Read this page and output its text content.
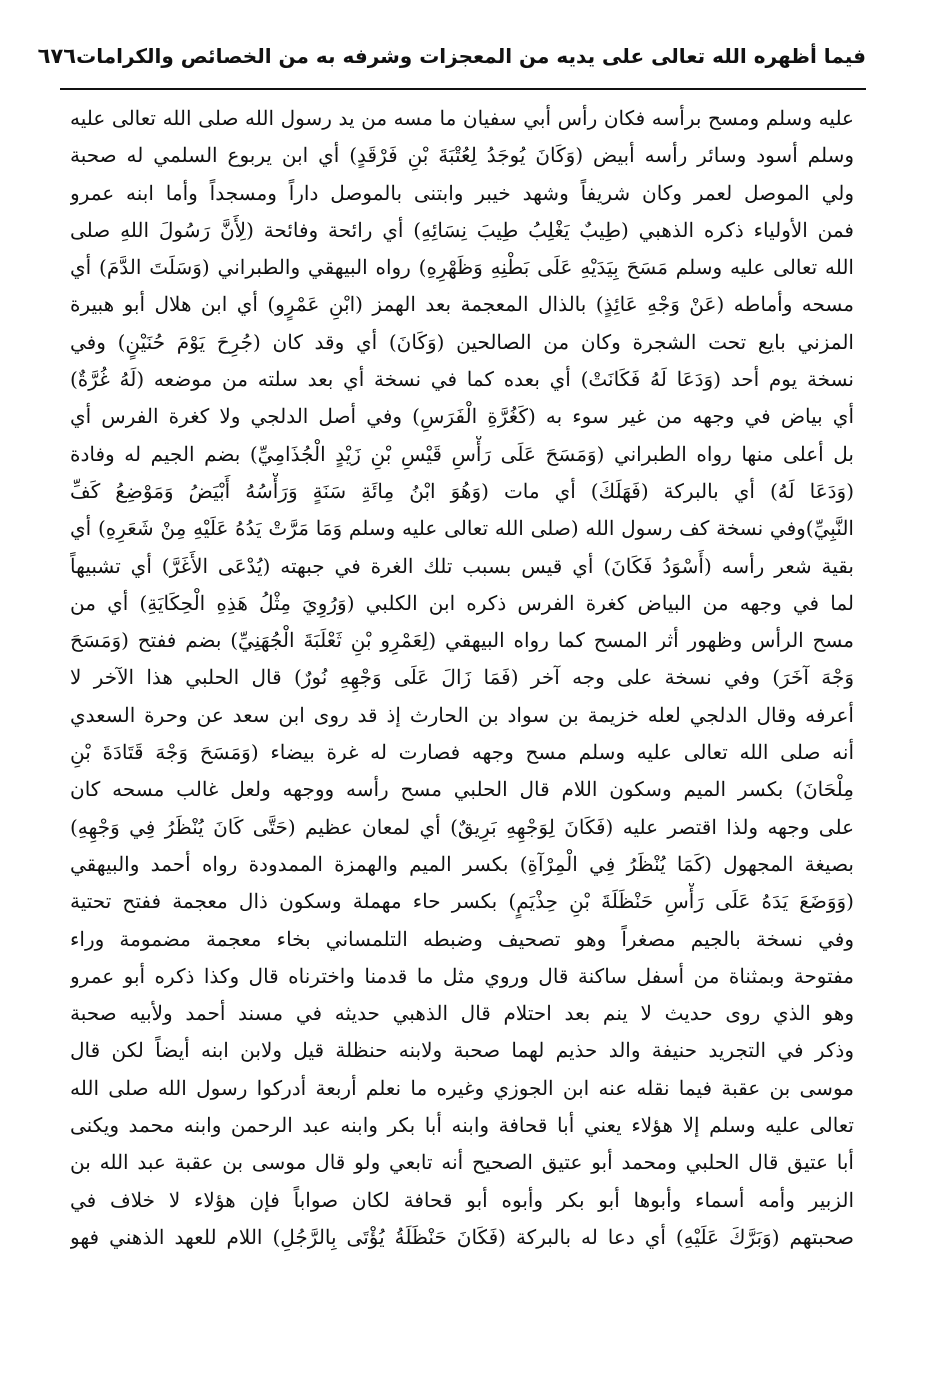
فيما أظهره الله تعالى على يديه من المعجزات وشرفه به من الخصائص والكرامات
٦٧٦
عليه وسلم ومسح برأسه فكان رأس أبي سفيان ما مسه من يد رسول الله صلى الله تعالى عليه
وسلم أسود وسائر رأسه أبيض (وَكَانَ يُوجَدُ لِعُتْبَةَ بْنِ فَرْقَدٍ) أي ابن يربوع السلمي له صحبة
ولي الموصل لعمر وكان شريفاً وشهد خيبر وابتنى بالموصل داراً ومسجداً وأما ابنه عمرو
فمن الأولياء ذكره الذهبي (طِيبٌ يَغْلِبُ طِيبَ نِسَائِهِ) أي رائحة وفائحة (لِأَنَّ رَسُولَ اللهِ صلى
الله تعالى عليه وسلم مَسَحَ بِيَدَيْهِ عَلَى بَطْنِهِ وَظَهْرِهِ) رواه البيهقي والطبراني (وَسَلَتَ الدَّمَ) أي
مسحه وأماطه (عَنْ وَجْهِ عَائِذٍ) بالذال المعجمة بعد الهمز (ابْنِ عَمْرٍو) أي ابن هلال أبو هبيرة
المزني بايع تحت الشجرة وكان من الصالحين (وَكَانَ) أي وقد كان (جُرِحَ يَوْمَ حُنَيْنٍ) وفي
نسخة يوم أحد (وَدَعَا لَهُ فَكَانَتْ) أي بعده كما في نسخة أي بعد سلته من موضعه (لَهُ غُرَّةٌ)
أي بياض في وجهه من غير سوء به (كَغُرَّةِ الْفَرَسِ) وفي أصل الدلجي ولا كغرة الفرس أي
بل أعلى منها رواه الطبراني (وَمَسَحَ عَلَى رَأْسِ قَيْسِ بْنِ زَيْدٍ الْجُذَامِيِّ) بضم الجيم له وفادة
(وَدَعَا لَهُ) أي بالبركة (فَهَلَكَ) أي مات (وَهُوَ ابْنُ مِائَةِ سَنَةٍ وَرَأْسُهُ أَبْيَضُ وَمَوْضِعُ كَفِّ
النَّبِيِّ)وفي نسخة كف رسول الله (صلى الله تعالى عليه وسلم وَمَا مَرَّتْ يَدُهُ عَلَيْهِ مِنْ شَعَرِهِ) أي
بقية شعر رأسه (أَسْوَدُ فَكَانَ) أي قيس بسبب تلك الغرة في جبهته (يُدْعَى الأَغَرَّ) أي تشبيهاً
لما في وجهه من البياض كغرة الفرس ذكره ابن الكلبي (وَرُوِيَ مِثْلُ هَذِهِ الْحِكَايَةِ) أي من
مسح الرأس وظهور أثر المسح كما رواه البيهقي (لِعَمْرِو بْنِ ثَعْلَبَةَ الْجُهَنِيِّ) بضم ففتح (وَمَسَحَ
وَجْهَ آخَرَ) وفي نسخة على وجه آخر (فَمَا زَالَ عَلَى وَجْهِهِ نُورٌ) قال الحلبي هذا الآخر لا
أعرفه وقال الدلجي لعله خزيمة بن سواد بن الحارث إذ قد روى ابن سعد عن وحرة السعدي
أنه صلى الله تعالى عليه وسلم مسح وجهه فصارت له غرة بيضاء (وَمَسَحَ وَجْهَ قَتَادَةَ بْنِ
مِلْحَانَ) بكسر الميم وسكون اللام قال الحلبي مسح رأسه ووجهه ولعل غالب مسحه كان
على وجهه ولذا اقتصر عليه (فَكَانَ لِوَجْهِهِ بَرِيقٌ) أي لمعان عظيم (حَتَّى كَانَ يُنْظَرُ فِي وَجْهِهِ)
بصيغة المجهول (كَمَا يُنْظَرُ فِي الْمِرْآةِ) بكسر الميم والهمزة الممدودة رواه أحمد والبيهقي
(وَوَضَعَ يَدَهُ عَلَى رَأْسِ حَنْظَلَةَ بْنِ حِذْيَمٍ) بكسر حاء مهملة وسكون ذال معجمة ففتح تحتية
وفي نسخة بالجيم مصغراً وهو تصحيف وضبطه التلمساني بخاء معجمة مضمومة وراء
مفتوحة وبمثناة من أسفل ساكنة قال وروي مثل ما قدمنا واخترناه قال وكذا ذكره أبو عمرو
وهو الذي روى حديث لا ينم بعد احتلام قال الذهبي حديثه في مسند أحمد ولأبيه صحبة
وذكر في التجريد حنيفة والد حذيم لهما صحبة ولابنه حنظلة قيل ولابن ابنه أيضاً لكن قال
موسى بن عقبة فيما نقله عنه ابن الجوزي وغيره ما نعلم أربعة أدركوا رسول الله صلى الله
تعالى عليه وسلم إلا هؤلاء يعني أبا قحافة وابنه أبا بكر وابنه عبد الرحمن وابنه محمد ويكنى
أبا عتيق قال الحلبي ومحمد أبو عتيق الصحيح أنه تابعي ولو قال موسى بن عقبة عبد الله بن
الزبير وأمه أسماء وأبوها أبو بكر وأبوه أبو قحافة لكان صواباً فإن هؤلاء لا خلاف في
صحبتهم (وَبَرَّكَ عَلَيْهِ) أي دعا له بالبركة (فَكَانَ حَنْظَلَةُ يُؤْتَى بِالرَّجُلِ) اللام للعهد الذهني فهو
